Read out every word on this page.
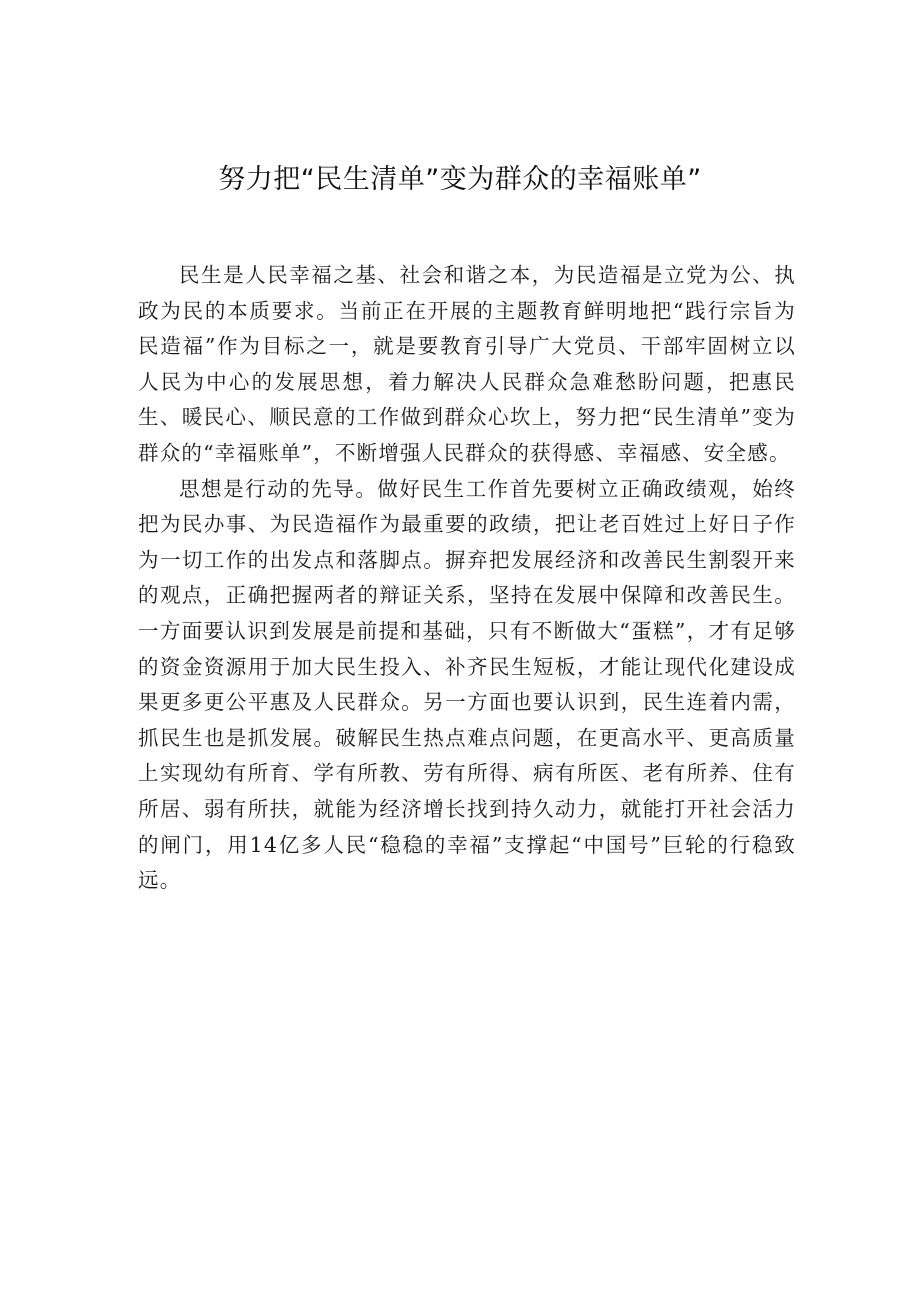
努力把“民生清单”变为群众的幸福账单”

民生是人民幸福之基、社会和谐之本，为民造福是立党为公、执政为民的本质要求。当前正在开展的主题教育鲜明地把“践行宗旨为民造福”作为目标之一，就是要教育引导广大党员、干部牢固树立以人民为中心的发展思想，着力解决人民群众急难愁盼问题，把惠民生、暖民心、顺民意的工作做到群众心坎上，努力把“民生清单”变为群众的“幸福账单”，不断增强人民群众的获得感、幸福感、安全感。

思想是行动的先导。做好民生工作首先要树立正确政绩观，始终把为民办事、为民造福作为最重要的政绩，把让老百姓过上好日子作为一切工作的出发点和落脚点。摒弃把发展经济和改善民生割裂开来的观点，正确把握两者的辩证关系，坚持在发展中保障和改善民生。一方面要认识到发展是前提和基础，只有不断做大“蛋糕”，才有足够的资金资源用于加大民生投入、补齐民生短板，才能让现代化建设成果更多更公平惠及人民群众。另一方面也要认识到，民生连着内需，抓民生也是抓发展。破解民生热点难点问题，在更高水平、更高质量上实现幼有所育、学有所教、劳有所得、病有所医、老有所养、住有所居、弱有所扶，就能为经济增长找到持久动力，就能打开社会活力的闸门，用14亿多人民“稳稳的幸福”支撑起“中国号”巨轮的行稳致远。
